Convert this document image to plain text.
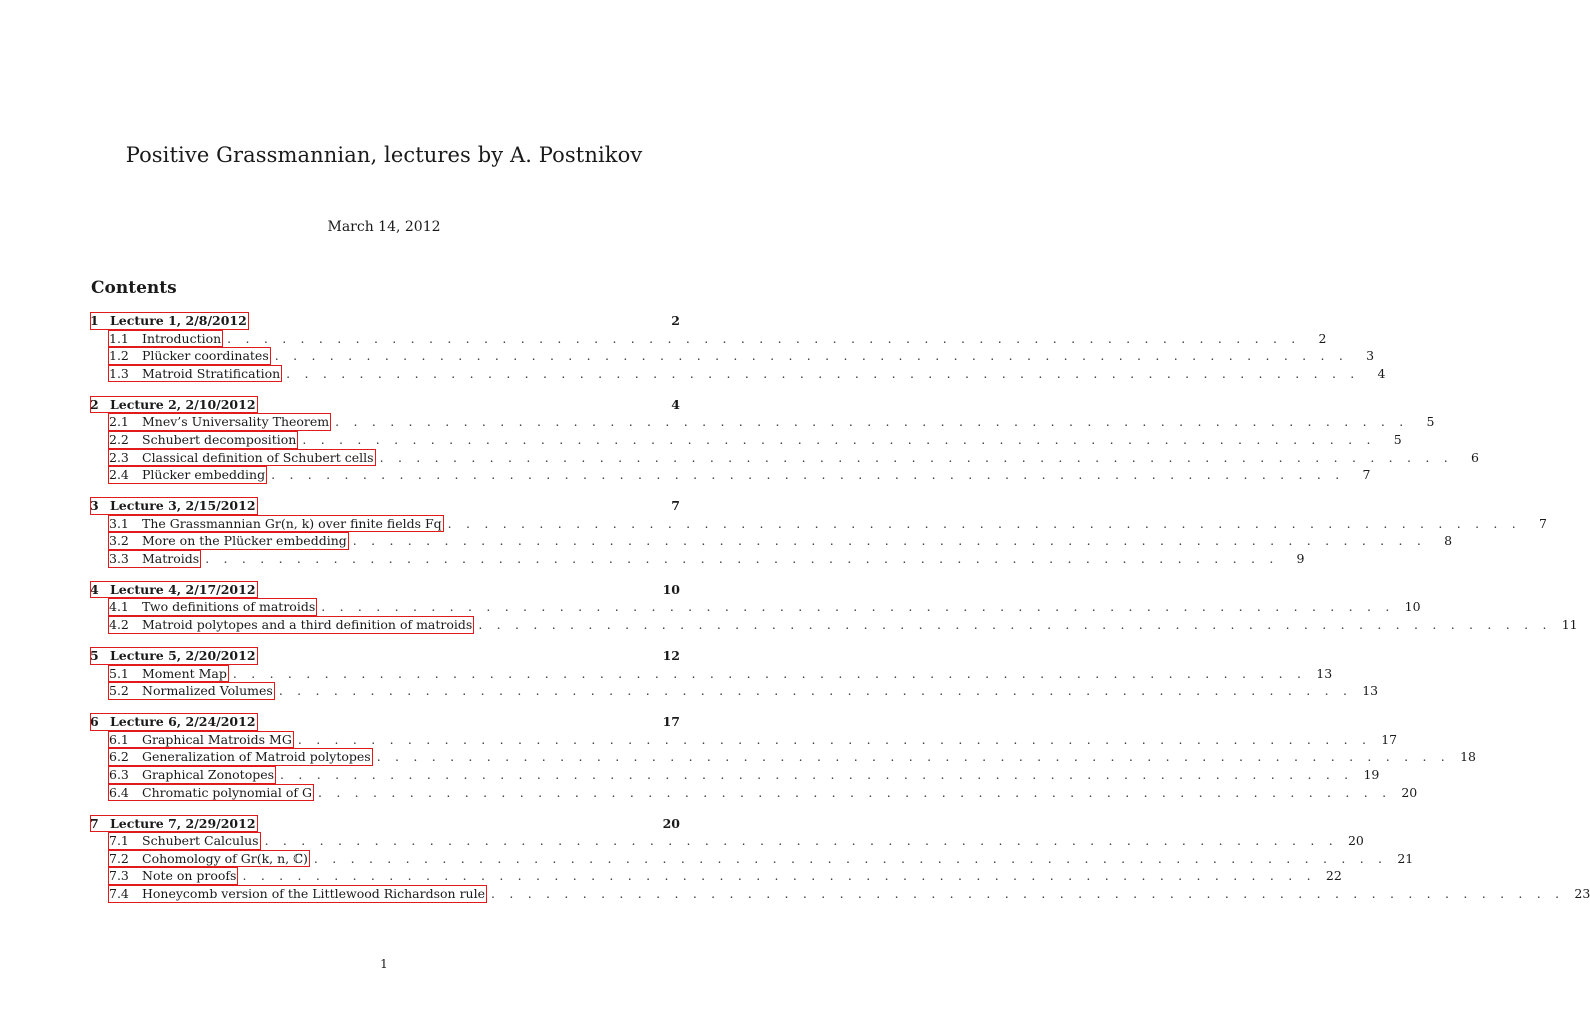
Positive Grassmannian, lectures by A. Postnikov
March 14, 2012
Contents
1 Lecture 1, 2/8/2012	2
1.1 Introduction . . . . . . . . . . . . . . . . . . . . . . . . . . . . . . . . . . . . . . . . . . . . . . . . . . . . . . . . . . .	2
1.2 Plücker coordinates . . . . . . . . . . . . . . . . . . . . . . . . . . . . . . . . . . . . . . . . . . . . . . . . . . . . . . . . . . .	3
1.3 Matroid Stratification . . . . . . . . . . . . . . . . . . . . . . . . . . . . . . . . . . . . . . . . . . . . . . . . . . . . . . . . . . .	4
2 Lecture 2, 2/10/2012	4
2.1 Mnev’s Universality Theorem . . . . . . . . . . . . . . . . . . . . . . . . . . . . . . . . . . . . . . . . . . . . . . . . . . . . . . . . . . .	5
2.2 Schubert decomposition . . . . . . . . . . . . . . . . . . . . . . . . . . . . . . . . . . . . . . . . . . . . . . . . . . . . . . . . . . .	5
2.3 Classical definition of Schubert cells . . . . . . . . . . . . . . . . . . . . . . . . . . . . . . . . . . . . . . . . . . . . . . . . . . . . . . . . . . .	6
2.4 Plücker embedding . . . . . . . . . . . . . . . . . . . . . . . . . . . . . . . . . . . . . . . . . . . . . . . . . . . . . . . . . . .	7
3 Lecture 3, 2/15/2012	7
3.1 The Grassmannian Gr(n, k) over finite fields Fq . . . . . . . . . . . . . . . . . . . . . . . . . . . . . . . . . . . . . . . . . . . . . . . . . . . . . . . . . . .	7
3.2 More on the Plücker embedding . . . . . . . . . . . . . . . . . . . . . . . . . . . . . . . . . . . . . . . . . . . . . . . . . . . . . . . . . . .	8
3.3 Matroids . . . . . . . . . . . . . . . . . . . . . . . . . . . . . . . . . . . . . . . . . . . . . . . . . . . . . . . . . . .	9
4 Lecture 4, 2/17/2012	10
4.1 Two definitions of matroids . . . . . . . . . . . . . . . . . . . . . . . . . . . . . . . . . . . . . . . . . . . . . . . . . . . . . . . . . . . 10
4.2 Matroid polytopes and a third definition of matroids . . . . . . . . . . . . . . . . . . . . . . . . . . . . . . . . . . . . . . . . . . . . . . . . . . . . . . . . . . . 11
5 Lecture 5, 2/20/2012	12
5.1 Moment Map . . . . . . . . . . . . . . . . . . . . . . . . . . . . . . . . . . . . . . . . . . . . . . . . . . . . . . . . . . . 13
5.2 Normalized Volumes . . . . . . . . . . . . . . . . . . . . . . . . . . . . . . . . . . . . . . . . . . . . . . . . . . . . . . . . . . . 13
6 Lecture 6, 2/24/2012	17
6.1 Graphical Matroids MG . . . . . . . . . . . . . . . . . . . . . . . . . . . . . . . . . . . . . . . . . . . . . . . . . . . . . . . . . . . 17
6.2 Generalization of Matroid polytopes . . . . . . . . . . . . . . . . . . . . . . . . . . . . . . . . . . . . . . . . . . . . . . . . . . . . . . . . . . . 18
6.3 Graphical Zonotopes . . . . . . . . . . . . . . . . . . . . . . . . . . . . . . . . . . . . . . . . . . . . . . . . . . . . . . . . . . . 19
6.4 Chromatic polynomial of G . . . . . . . . . . . . . . . . . . . . . . . . . . . . . . . . . . . . . . . . . . . . . . . . . . . . . . . . . . . 20
7 Lecture 7, 2/29/2012	20
7.1 Schubert Calculus . . . . . . . . . . . . . . . . . . . . . . . . . . . . . . . . . . . . . . . . . . . . . . . . . . . . . . . . . . . 20
7.2 Cohomology of Gr(k, n, ℂ) . . . . . . . . . . . . . . . . . . . . . . . . . . . . . . . . . . . . . . . . . . . . . . . . . . . . . . . . . . . 21
7.3 Note on proofs . . . . . . . . . . . . . . . . . . . . . . . . . . . . . . . . . . . . . . . . . . . . . . . . . . . . . . . . . . . 22
7.4 Honeycomb version of the Littlewood Richardson rule . . . . . . . . . . . . . . . . . . . . . . . . . . . . . . . . . . . . . . . . . . . . . . . . . . . . . . . . . . . 23
1
